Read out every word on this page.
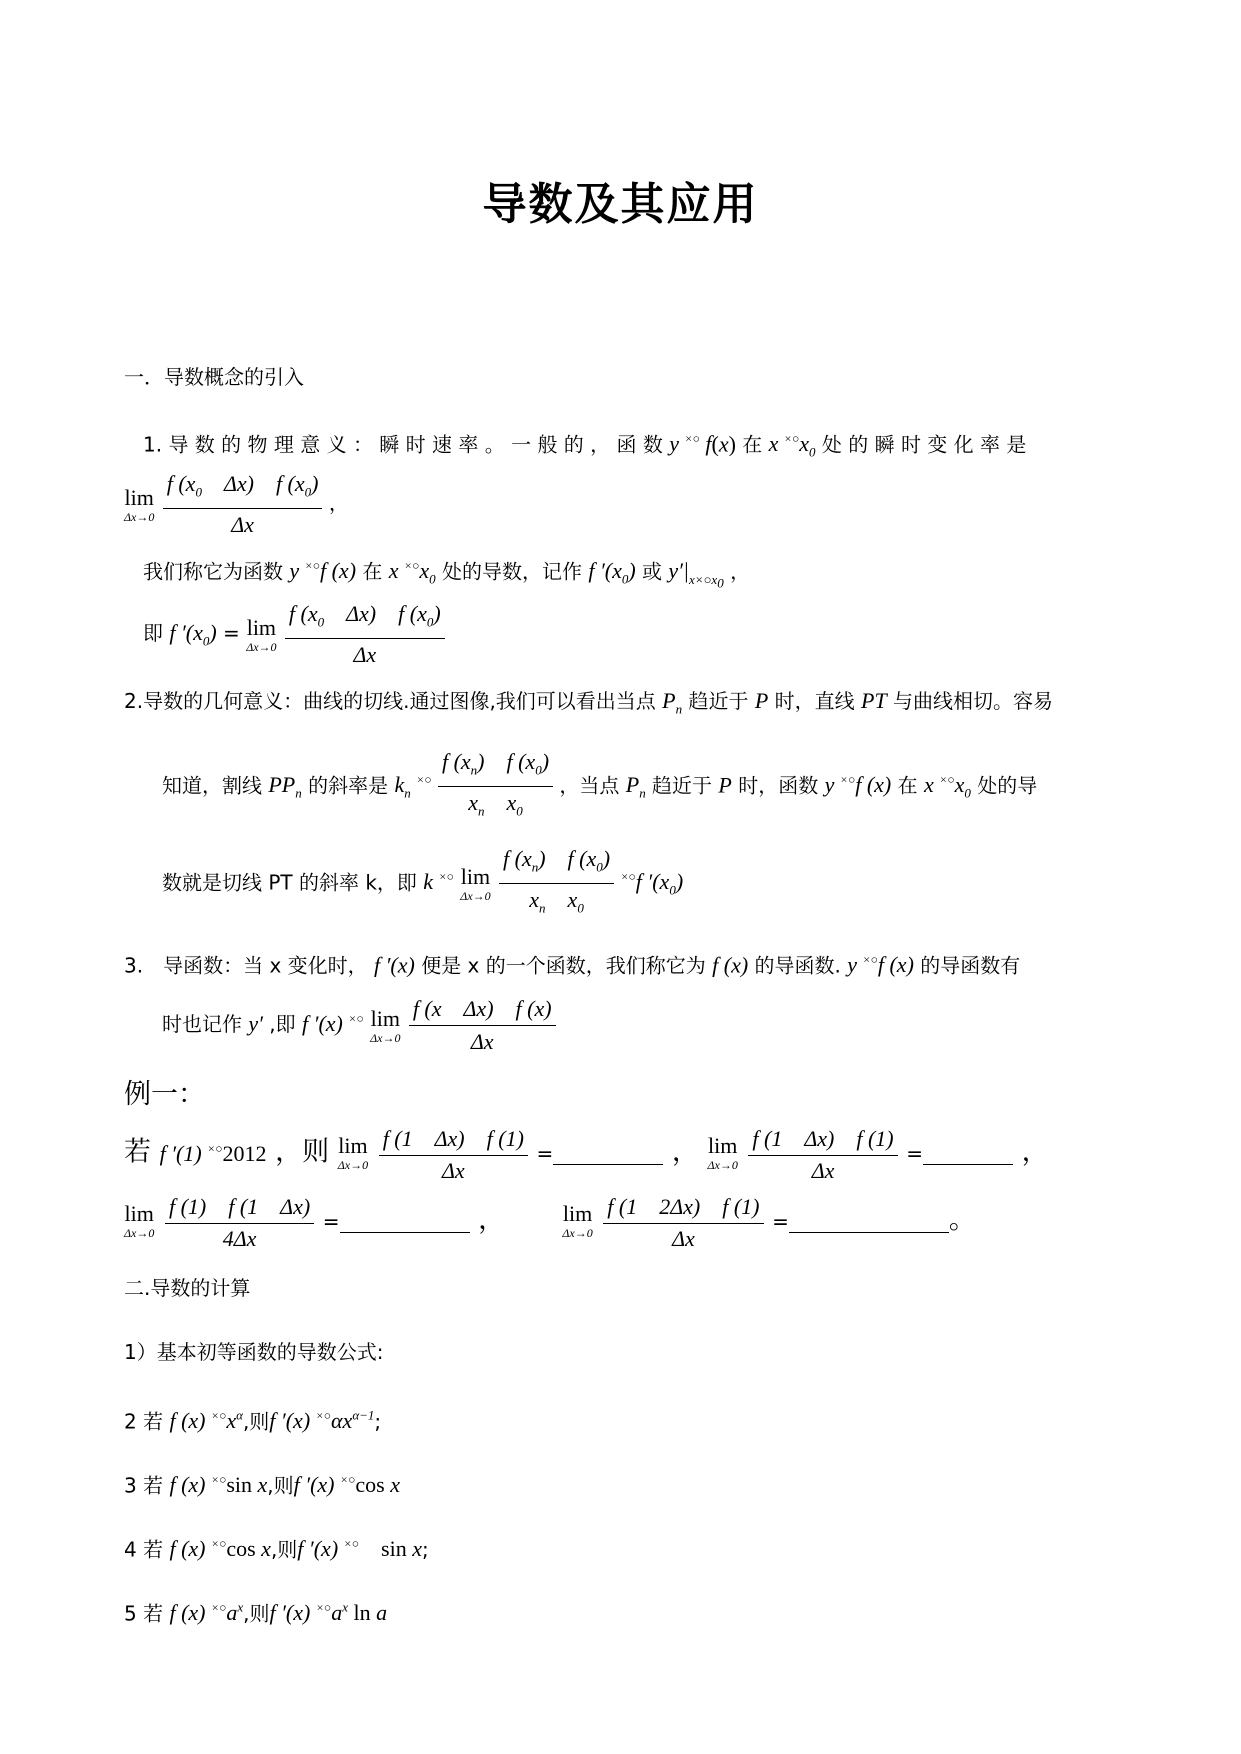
导数及其应用
一．导数概念的引入
1. 导 数 的 物 理 意 义 ： 瞬 时 速 率 。 一 般 的 ， 函 数 y ×○ f(x) 在 x $^{\times○}x_0$ 处 的 瞬 时 变 化 率 是
lim
Δx→0
$\frac{f (x_0 \Delta x) f (x_0)}{\Delta x}$ ，
我们称它为函数 y ×○f (x) 在 x $^{\times○}x_0$ 处的导数，记作 f $'(x_0)$ 或 $y'|_{x\times○x_0}$ ，
即 f $'(x_0) = \lim$
Δx→0
$\frac{f (x_0 \Delta x) f (x_0)}{\Delta x}$
2.导数的几何意义：曲线的切线.通过图像,我们可以看出当点 $P_n$ 趋近于 P 时，直线 PT 与曲线相切。容易
知道，割线 $PP_n$ 的斜率是 $k_n$ $^{\times○} \frac{f (x_n) f (x_0)}{x_n x_0}$ ，当点 $P_n$ 趋近于 P 时，函数 y ×○f (x) 在 x $^{\times○}x_0$ 处的导
数就是切线 PT 的斜率 k，即 k ×○ lim
Δx→0
$\frac{f (x_n) f (x_0)}{x_n x_0} ^{\times○}f$ $'(x_0)$
3.　导函数：当 x 变化时， f ′(x) 便是 x 的一个函数，我们称它为 f (x) 的导函数. y ×○f (x) 的导函数有
时也记作 y′ ,即 f ′(x) ×○ lim
Δx→0
$\frac{\text{f (x　Δx)　f (x)}}{\Delta x}$
例一：
若 f ′(1) ×○2012 ，则 lim
Δx→0
$\frac{f (1 \Delta x) f (1)}{\Delta x}$ =	， lim
Δx→0
$\frac{f (1 \Delta x) f (1)}{\Delta x}$ =	，
lim
Δx→0
$\frac{f (1) f (1 \Delta x)}{4\Delta x}$ =	，	lim
Δx→0
$\frac{f (1 2\Delta x) f (1)}{\Delta x}$ =	。
二.导数的计算
1）基本初等函数的导数公式:
2 若 f (x) $^{\times○}x^\alpha$,则f ′(x) $^{\times○}\alpha x^{\alpha-1}$;
3 若 f (x) ×○sin x,则f ′(x) ×○cos x
4 若 f (x) ×○cos x,则f ′(x) ×○　 sin x;
5 若 f (x) $^{\times○}a^x$,则f ′(x) $^{\times○}a^x$ ln a
